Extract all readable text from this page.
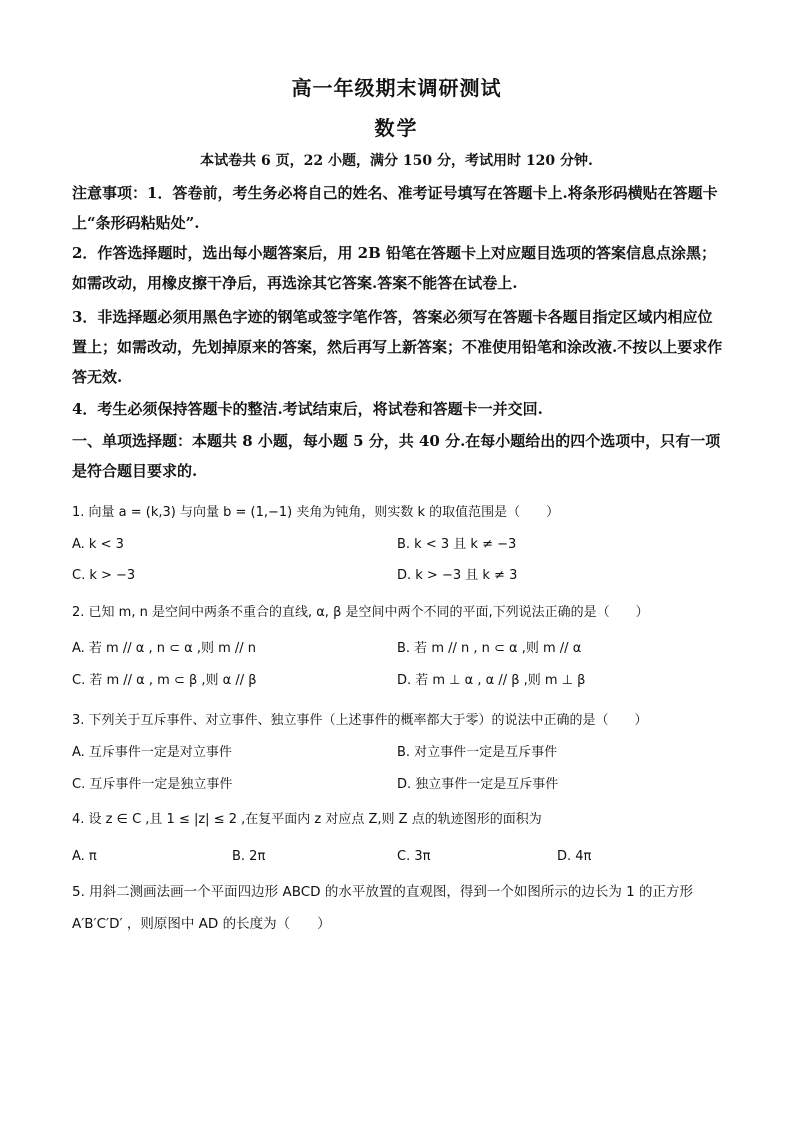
高一年级期末调研测试
数学
本试卷共 6 页，22 小题，满分 150 分，考试用时 120 分钟.
注意事项：1．答卷前，考生务必将自己的姓名、准考证号填写在答题卡上.将条形码横贴在答题卡上“条形码粘贴处”.
2．作答选择题时，选出每小题答案后，用 2B 铅笔在答题卡上对应题目选项的答案信息点涂黑；如需改动，用橡皮擦干净后，再选涂其它答案.答案不能答在试卷上.
3．非选择题必须用黑色字迹的钢笔或签字笔作答，答案必须写在答题卡各题目指定区域内相应位置上；如需改动，先划掉原来的答案，然后再写上新答案；不准使用铅笔和涂改液.不按以上要求作答无效.
4．考生必须保持答题卡的整洁.考试结束后，将试卷和答题卡一并交回.
一、单项选择题：本题共 8 小题，每小题 5 分，共 40 分.在每小题给出的四个选项中，只有一项是符合题目要求的.
1. 向量 a = (k,3) 与向量 b = (1,−1) 夹角为钝角，则实数 k 的取值范围是（　　）
A. k < 3	B. k < 3 且 k ≠ −3
C. k > −3	D. k > −3 且 k ≠ 3
2. 已知 m, n 是空间中两条不重合的直线, α, β 是空间中两个不同的平面,下列说法正确的是（　　）
A. 若 m // α , n ⊂ α ,则 m // n	B. 若 m // n , n ⊂ α ,则 m // α
C. 若 m // α , m ⊂ β ,则 α // β	D. 若 m ⊥ α , α // β ,则 m ⊥ β
3. 下列关于互斥事件、对立事件、独立事件（上述事件的概率都大于零）的说法中正确的是（　　）
A. 互斥事件一定是对立事件	B. 对立事件一定是互斥事件
C. 互斥事件一定是独立事件	D. 独立事件一定是互斥事件
4. 设 z ∈ C ,且 1 ≤ |z| ≤ 2 ,在复平面内 z 对应点 Z,则 Z 点的轨迹图形的面积为
A. π	B. 2π	C. 3π	D. 4π
5. 用斜二测画法画一个平面四边形 ABCD 的水平放置的直观图，得到一个如图所示的边长为 1 的正方形 A′B′C′D′ ，则原图中 AD 的长度为（　　）
